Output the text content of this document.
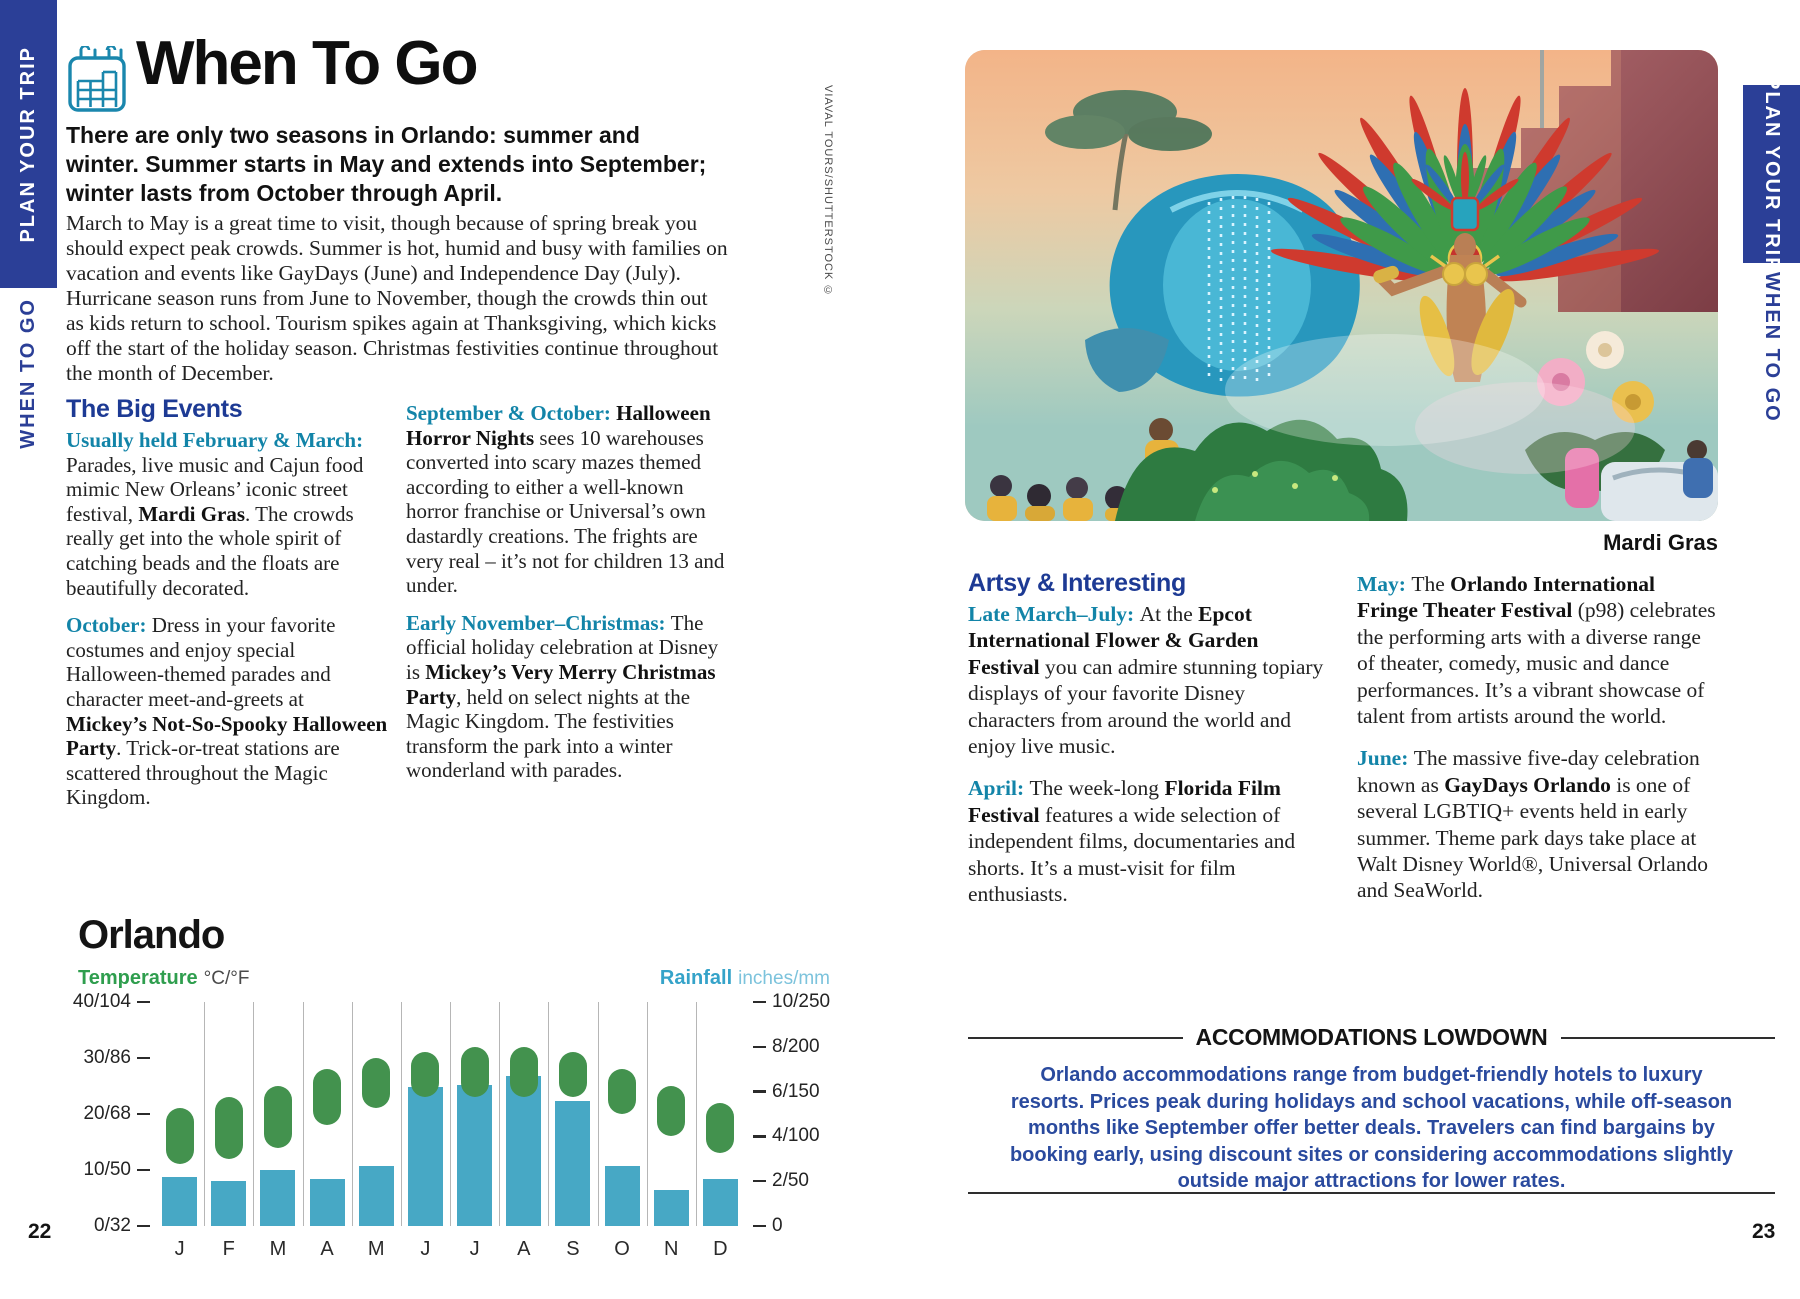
PLAN YOUR TRIP
WHEN TO GO
PLAN YOUR TRIP
WHEN TO GO
When To Go
There are only two seasons in Orlando: summer and winter. Summer starts in May and extends into September; winter lasts from October through April.
March to May is a great time to visit, though because of spring break you should expect peak crowds. Summer is hot, humid and busy with families on vacation and events like GayDays (June) and Independence Day (July). Hurricane season runs from June to November, though the crowds thin out as kids return to school. Tourism spikes again at Thanksgiving, which kicks off the start of the holiday season. Christmas festivities continue throughout the month of December.
The Big Events

Usually held February & March: Parades, live music and Cajun food mimic New Orleans’ iconic street festival, Mardi Gras. The crowds really get into the whole spirit of catching beads and the floats are beautifully decorated.

October: Dress in your favorite costumes and enjoy special Halloween-themed parades and character meet-and-greets at Mickey’s Not-So-Spooky Halloween Party. Trick-or-treat stations are scattered throughout the Magic Kingdom.

September & October: Halloween Horror Nights sees 10 warehouses converted into scary mazes themed according to either a well-known horror franchise or Universal’s own dastardly creations. The frights are very real – it’s not for children 13 and under.

Early November–Christmas: The official holiday celebration at Disney is Mickey’s Very Merry Christmas Party, held on select nights at the Magic Kingdom. The festivities transform the park into a winter wonderland with parades.

Orlando
Temperature °C/°F	Rainfall inches/mm
40/104
30/86
20/68
10/50
0/32
10/250
8/200
6/150
4/100
2/50
0
J F M A M J J A S O N D
VIAVAL TOURS/SHUTTERSTOCK ©
Mardi Gras
Artsy & Interesting

Late March–July: At the Epcot International Flower & Garden Festival you can admire stunning topiary displays of your favorite Disney characters from around the world and enjoy live music.

April: The week-long Florida Film Festival features a wide selection of independent films, documentaries and shorts. It’s a must-visit for film enthusiasts.

May: The Orlando International Fringe Theater Festival (p98) celebrates the performing arts with a diverse range of theater, comedy, music and dance performances. It’s a vibrant showcase of talent from artists around the world.

June: The massive five-day celebration known as GayDays Orlando is one of several LGBTIQ+ events held in early summer. Theme park days take place at Walt Disney World®, Universal Orlando and SeaWorld.

ACCOMMODATIONS LOWDOWN
Orlando accommodations range from budget-friendly hotels to luxury resorts. Prices peak during holidays and school vacations, while off-season months like September offer better deals. Travelers can find bargains by booking early, using discount sites or considering accommodations slightly outside major attractions for lower rates.
22	23
